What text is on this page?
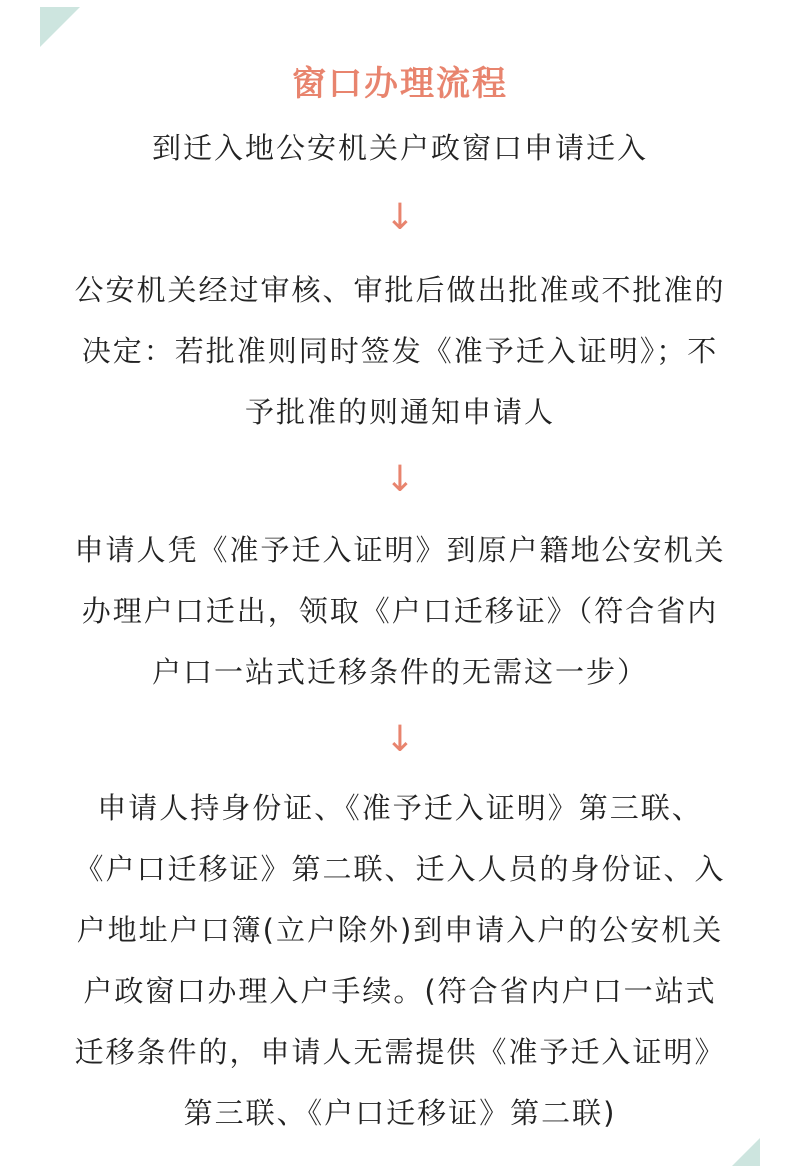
窗口办理流程
到迁入地公安机关户政窗口申请迁入
↓
公安机关经过审核、审批后做出批准或不批准的
决定：若批准则同时签发《准予迁入证明》；不
予批准的则通知申请人
↓
申请人凭《准予迁入证明》到原户籍地公安机关
办理户口迁出，领取《户口迁移证》（符合省内
户口一站式迁移条件的无需这一步）
↓
申请人持身份证、《准予迁入证明》第三联、
《户口迁移证》第二联、迁入人员的身份证、入
户地址户口簿(立户除外)到申请入户的公安机关
户政窗口办理入户手续。(符合省内户口一站式
迁移条件的，申请人无需提供《准予迁入证明》
第三联、《户口迁移证》第二联)
